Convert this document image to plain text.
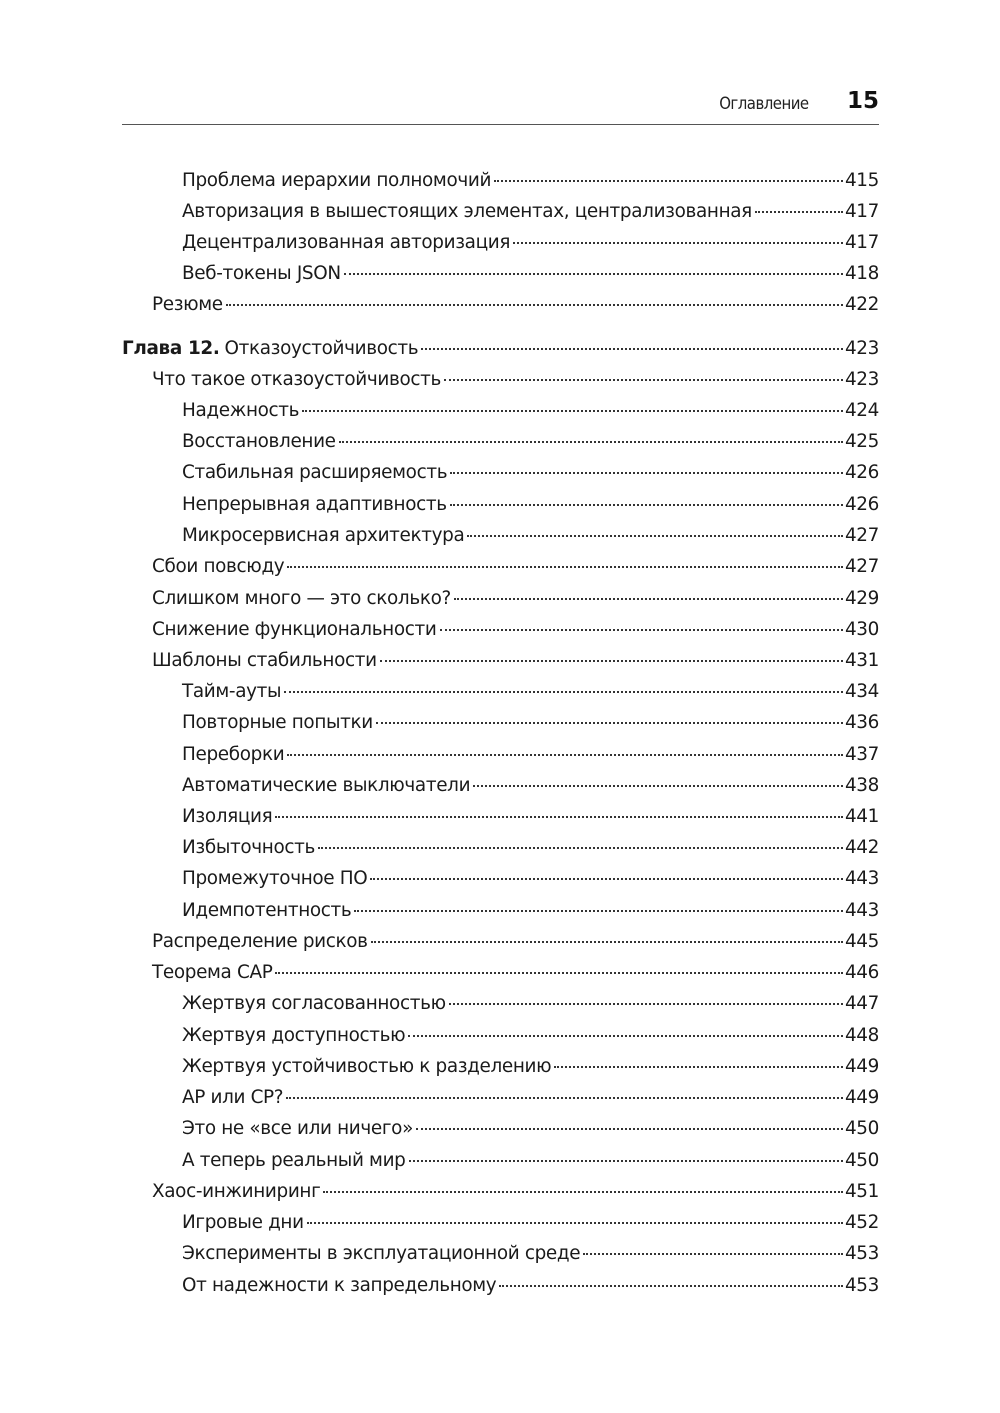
Оглавление 15
Проблема иерархии полномочий	415
Авторизация в вышестоящих элементах, централизованная	417
Децентрализованная авторизация	417
Веб-токены JSON	418
Резюме	422
Глава 12. Отказоустойчивость	423
Что такое отказоустойчивость	423
Надежность	424
Восстановление	425
Стабильная расширяемость	426
Непрерывная адаптивность	426
Микросервисная архитектура	427
Сбои повсюду	427
Слишком много — это сколько?	429
Снижение функциональности	430
Шаблоны стабильности	431
Тайм-ауты	434
Повторные попытки	436
Переборки	437
Автоматические выключатели	438
Изоляция	441
Избыточность	442
Промежуточное ПО	443
Идемпотентность	443
Распределение рисков	445
Теорема CAP	446
Жертвуя согласованностью	447
Жертвуя доступностью	448
Жертвуя устойчивостью к разделению	449
AP или CP?	449
Это не «все или ничего»	450
А теперь реальный мир	450
Хаос-инжиниринг	451
Игровые дни	452
Эксперименты в эксплуатационной среде	453
От надежности к запредельному	453
